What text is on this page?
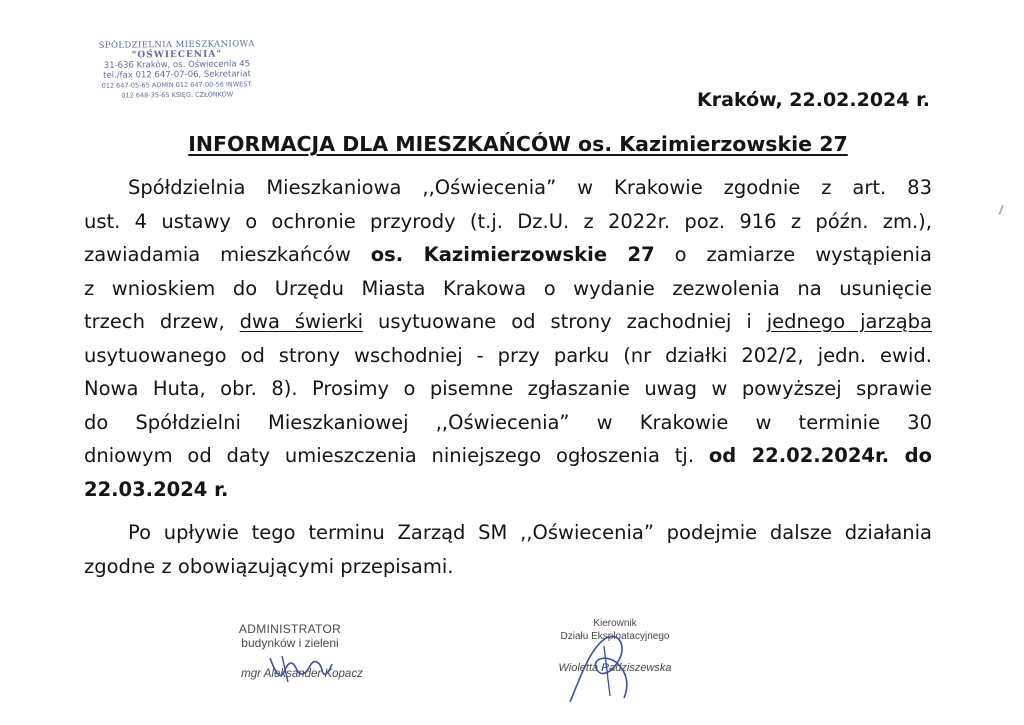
SPÓŁDZIELNIA MIESZKANIOWA
"OŚWIECENIA"
31-636 Kraków, os. Oświecenia 45
tel./fax 012 647-07-06, Sekretariat
012 647-05-65 ADMIN 012 647-00-56 INWEST.
012 648-35-65 KSIĘG. CZŁONKÓW	Kraków, 22.02.2024 r.
INFORMACJA DLA MIESZKAŃCÓW os. Kazimierzowskie 27
Spółdzielnia Mieszkaniowa ,,Oświecenia” w Krakowie zgodnie z art. 83
ust. 4 ustawy o ochronie przyrody (t.j. Dz.U. z 2022r. poz. 916 z późn. zm.),
zawiadamia mieszkańców os. Kazimierzowskie 27 o zamiarze wystąpienia
z wnioskiem do Urzędu Miasta Krakowa o wydanie zezwolenia na usunięcie
trzech drzew, dwa świerki usytuowane od strony zachodniej i jednego jarząba
usytuowanego od strony wschodniej - przy parku (nr działki 202/2, jedn. ewid.
Nowa Huta, obr. 8). Prosimy o pisemne zgłaszanie uwag w powyższej sprawie
do Spółdzielni Mieszkaniowej ,,Oświecenia” w Krakowie w terminie 30
dniowym od daty umieszczenia niniejszego ogłoszenia tj. od 22.02.2024r. do
22.03.2024 r.
Po upływie tego terminu Zarząd SM ,,Oświecenia” podejmie dalsze działania
zgodne z obowiązującymi przepisami.
ADMINISTRATOR
budynków i zieleni
mgr Aleksander Kopacz
Kierownik
Działu Eksploatacyjnego
Wioletta Radziszewska
